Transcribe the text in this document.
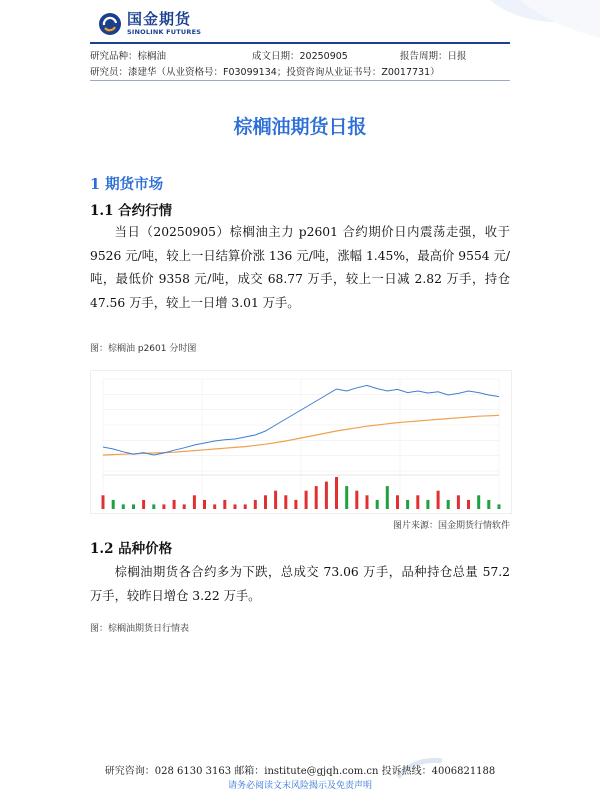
国金期货
SINOLINK FUTURES
研究品种：棕榈油	成文日期：20250905	报告周期：日报
研究员：漆建华（从业资格号：F03099134；投资咨询从业证书号：Z0017731）
棕榈油期货日报
1 期货市场
1.1 合约行情

当日（20250905）棕榈油主力 p2601 合约期价日内震荡走强，收于 9526 元/吨，较上一日结算价涨 136 元/吨，涨幅 1.45%，最高价 9554 元/吨，最低价 9358 元/吨，成交 68.77 万手，较上一日减 2.82 万手，持仓 47.56 万手，较上一日增 3.01 万手。

图：棕榈油 p2601 分时图
图片来源：国金期货行情软件
1.2 品种价格

棕榈油期货各合约多为下跌，总成交 73.06 万手，品种持仓总量 57.2 万手，较昨日增仓 3.22 万手。

图：棕榈油期货日行情表
研究咨询：028 6130 3163 邮箱：institute@gjqh.com.cn 投诉热线：4006821188
请务必阅读文末风险揭示及免责声明
